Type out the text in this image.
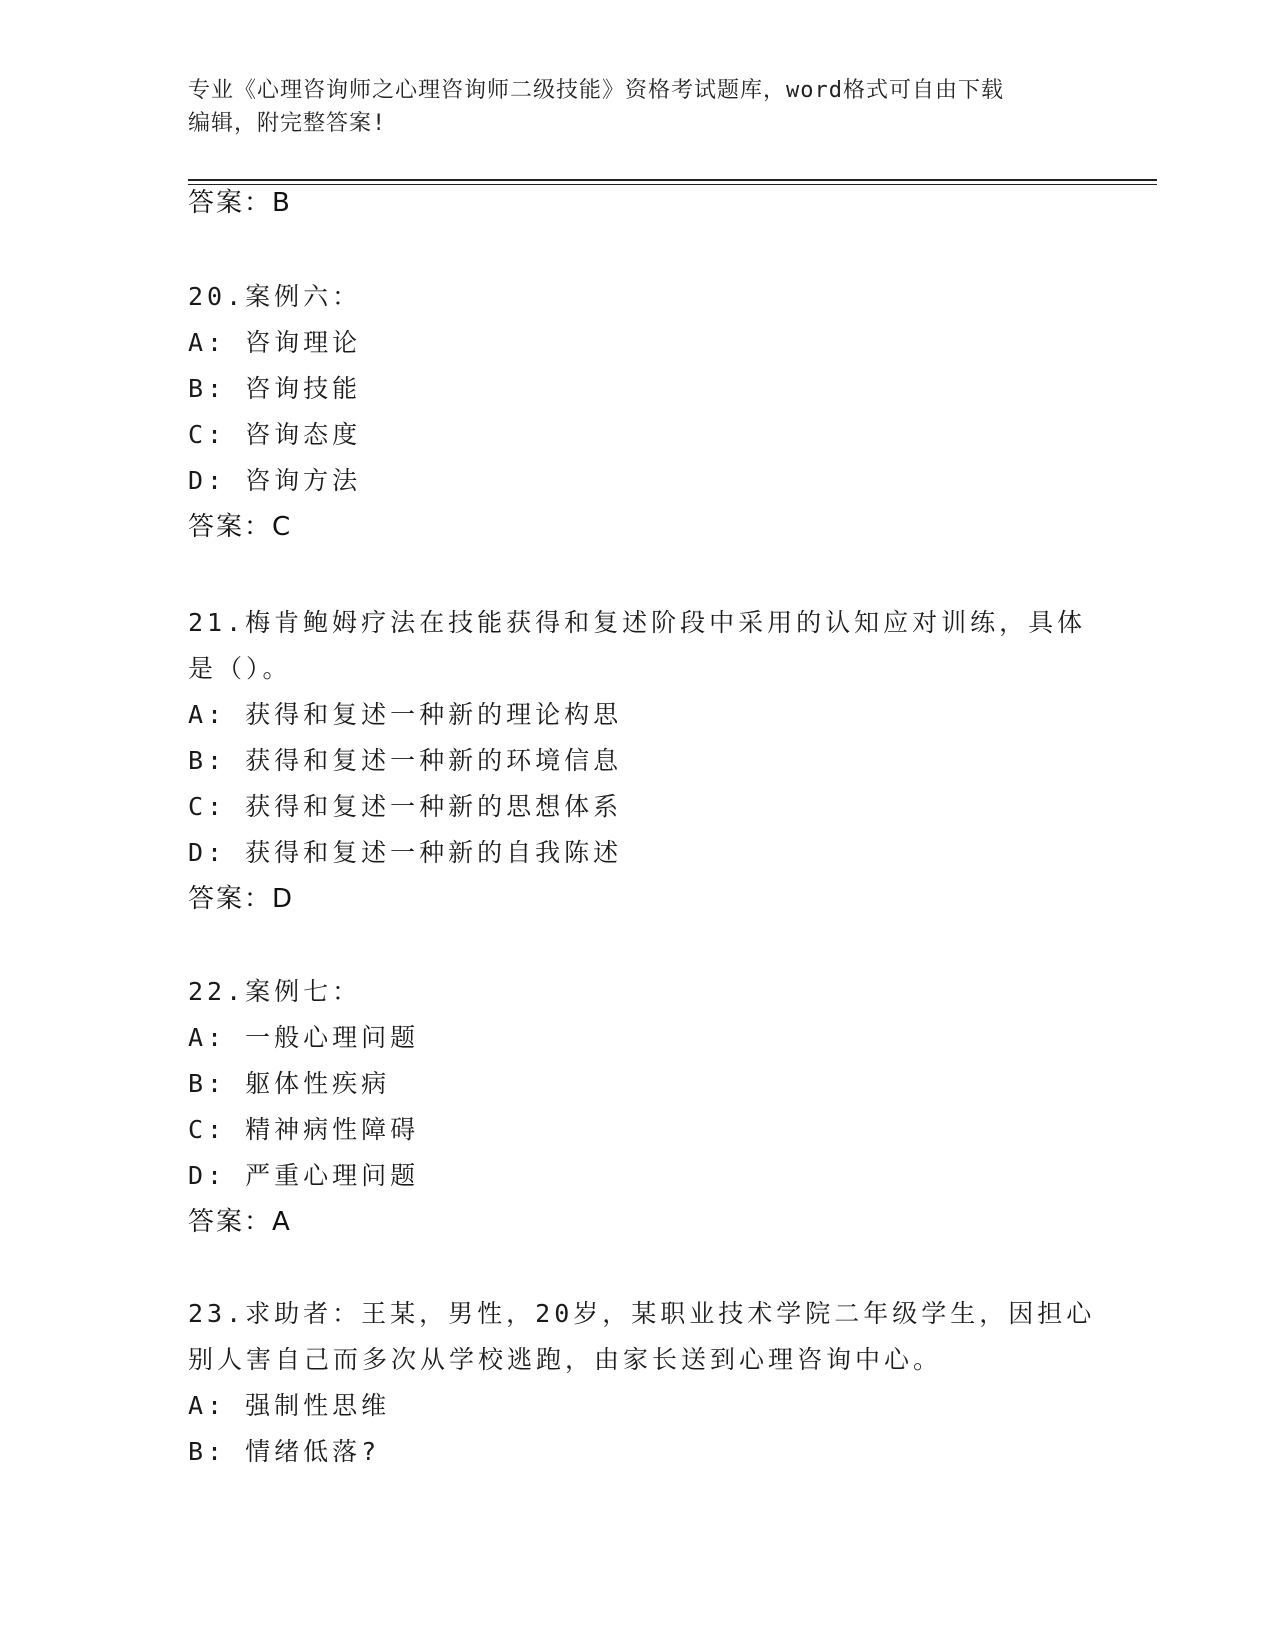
专业《心理咨询师之心理咨询师二级技能》资格考试题库，word格式可自由下载
编辑，附完整答案!
答案：B
20.案例六：
A: 咨询理论
B: 咨询技能
C: 咨询态度
D: 咨询方法
答案：C
21.梅肯鲍姆疗法在技能获得和复述阶段中采用的认知应对训练，具体
是（）。
A: 获得和复述一种新的理论构思
B: 获得和复述一种新的环境信息
C: 获得和复述一种新的思想体系
D: 获得和复述一种新的自我陈述
答案：D
22.案例七：
A: 一般心理问题
B: 躯体性疾病
C: 精神病性障碍
D: 严重心理问题
答案：A
23.求助者：王某，男性，20岁，某职业技术学院二年级学生，因担心
别人害自己而多次从学校逃跑，由家长送到心理咨询中心。
A: 强制性思维
B: 情绪低落?
